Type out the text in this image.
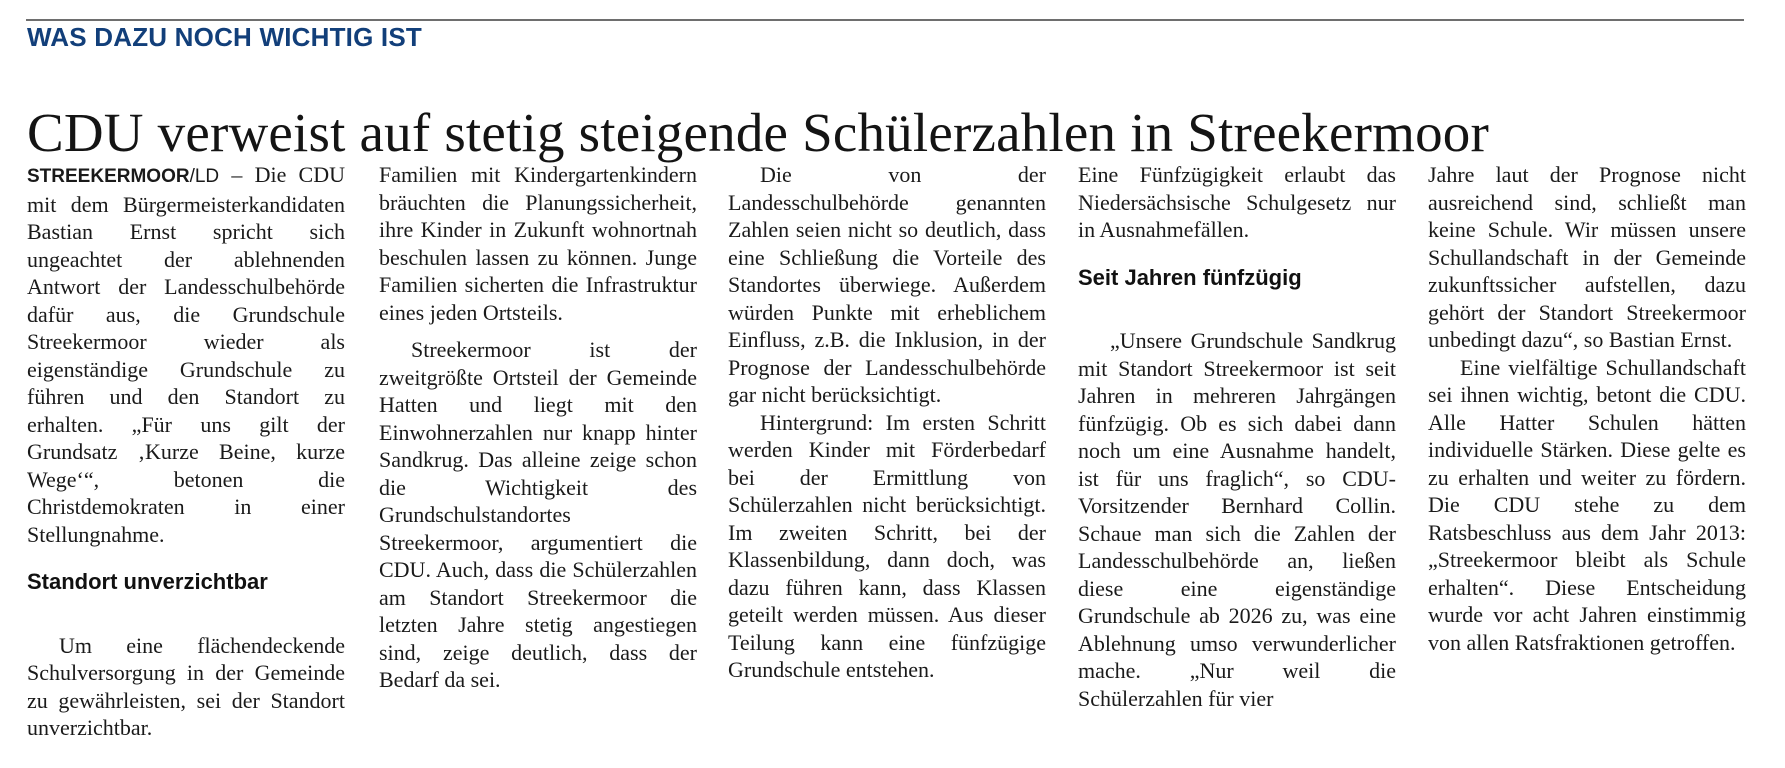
WAS DAZU NOCH WICHTIG IST
CDU verweist auf stetig steigende Schülerzahlen in Streekermoor

STREEKERMOOR/LD – Die CDU mit dem Bürgermeisterkandidaten Bastian Ernst spricht sich ungeachtet der ablehnenden Antwort der Landesschulbehörde dafür aus, die Grundschule Streekermoor wieder als eigenständige Grundschule zu führen und den Standort zu erhalten. „Für uns gilt der Grundsatz ‚Kurze Beine, kurze Wege‘“, betonen die Christdemokraten in einer Stellungnahme.

Standort unverzichtbar

Um eine flächendeckende Schulversorgung in der Gemeinde zu gewährleisten, sei der Standort unverzichtbar.

Familien mit Kindergartenkindern bräuchten die Planungssicherheit, ihre Kinder in Zukunft wohnortnah beschulen lassen zu können. Junge Familien sicherten die Infrastruktur eines jeden Ortsteils.

Streekermoor ist der zweitgrößte Ortsteil der Gemeinde Hatten und liegt mit den Einwohnerzahlen nur knapp hinter Sandkrug. Das alleine zeige schon die Wichtigkeit des Grundschulstandortes Streekermoor, argumentiert die CDU. Auch, dass die Schülerzahlen am Standort Streekermoor die letzten Jahre stetig angestiegen sind, zeige deutlich, dass der Bedarf da sei.

Die von der Landesschulbehörde genannten Zahlen seien nicht so deutlich, dass eine Schließung die Vorteile des Standortes überwiege. Außerdem würden Punkte mit erheblichem Einfluss, z.B. die Inklusion, in der Prognose der Landesschulbehörde gar nicht berücksichtigt.

Hintergrund: Im ersten Schritt werden Kinder mit Förderbedarf bei der Ermittlung von Schülerzahlen nicht berücksichtigt. Im zweiten Schritt, bei der Klassenbildung, dann doch, was dazu führen kann, dass Klassen geteilt werden müssen. Aus dieser Teilung kann eine fünfzügige Grundschule entstehen.

Eine Fünfzügigkeit erlaubt das Niedersächsische Schulgesetz nur in Ausnahmefällen.

Seit Jahren fünfzügig

„Unsere Grundschule Sandkrug mit Standort Streekermoor ist seit Jahren in mehreren Jahrgängen fünfzügig. Ob es sich dabei dann noch um eine Ausnahme handelt, ist für uns fraglich“, so CDU-Vorsitzender Bernhard Collin. Schaue man sich die Zahlen der Landesschulbehörde an, ließen diese eine eigenständige Grundschule ab 2026 zu, was eine Ablehnung umso verwunderlicher mache. „Nur weil die Schülerzahlen für vier

Jahre laut der Prognose nicht ausreichend sind, schließt man keine Schule. Wir müssen unsere Schullandschaft in der Gemeinde zukunftssicher aufstellen, dazu gehört der Standort Streekermoor unbedingt dazu“, so Bastian Ernst.

Eine vielfältige Schullandschaft sei ihnen wichtig, betont die CDU. Alle Hatter Schulen hätten individuelle Stärken. Diese gelte es zu erhalten und weiter zu fördern. Die CDU stehe zu dem Ratsbeschluss aus dem Jahr 2013: „Streekermoor bleibt als Schule erhalten“. Diese Entscheidung wurde vor acht Jahren einstimmig von allen Ratsfraktionen getroffen.
